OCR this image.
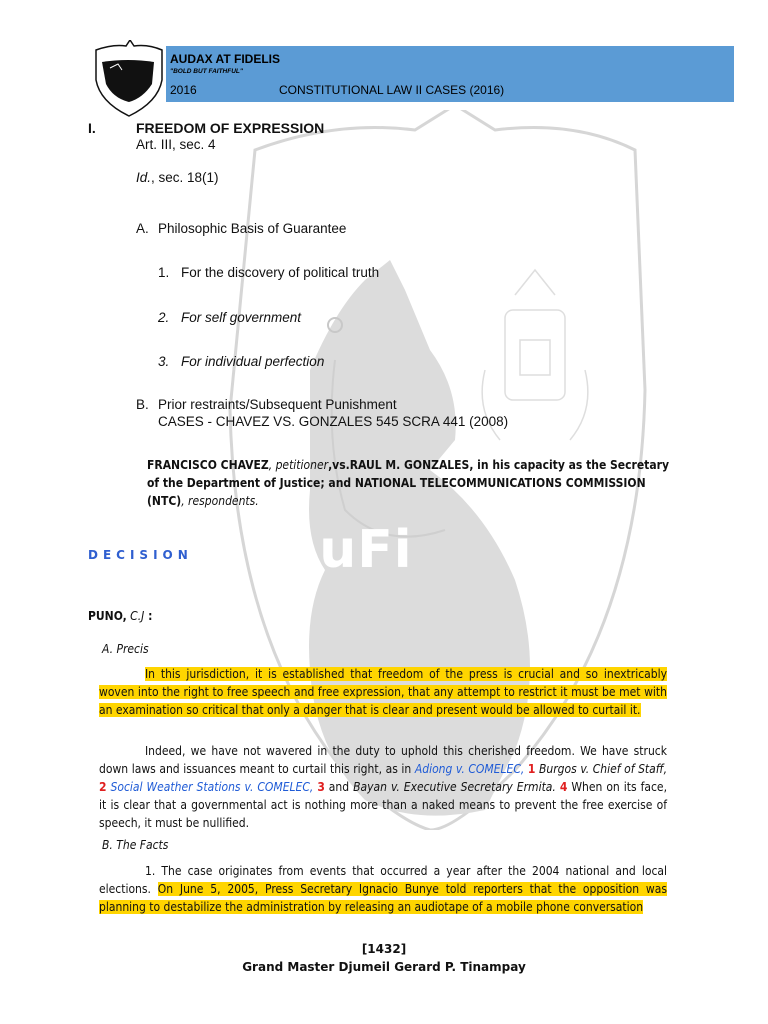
AuFi
AUDAX AT FIDELIS
"BOLD BUT FAITHFUL"
2016	CONSTITUTIONAL LAW II CASES (2016)
I.	FREEDOM OF EXPRESSION
Art. III, sec. 4
Id., sec. 18(1)
A. Philosophic Basis of Guarantee
1. For the discovery of political truth
2. For self government
3. For individual perfection
B. Prior restraints/Subsequent Punishment
CASES - CHAVEZ VS. GONZALES 545 SCRA 441 (2008)
FRANCISCO CHAVEZ, petitioner,vs.RAUL M. GONZALES, in his capacity as the Secretary
of the Department of Justice; and NATIONAL TELECOMMUNICATIONS COMMISSION
(NTC), respondents.
DECISION
PUNO, C.J :
A. Precis
In this jurisdiction, it is established that freedom of the press is crucial and so inextricably woven into the right to free speech and free expression, that any attempt to restrict it must be met with an examination so critical that only a danger that is clear and present would be allowed to curtail it.
Indeed, we have not wavered in the duty to uphold this cherished freedom. We have struck down laws and issuances meant to curtail this right, as in Adiong v. COMELEC, 1 Burgos v. Chief of Staff, 2 Social Weather Stations v. COMELEC, 3 and Bayan v. Executive Secretary Ermita. 4 When on its face, it is clear that a governmental act is nothing more than a naked means to prevent the free exercise of speech, it must be nullified.
B. The Facts
1. The case originates from events that occurred a year after the 2004 national and local elections. On June 5, 2005, Press Secretary Ignacio Bunye told reporters that the opposition was planning to destabilize the administration by releasing an audiotape of a mobile phone conversation
[1432]
Grand Master Djumeil Gerard P. Tinampay
